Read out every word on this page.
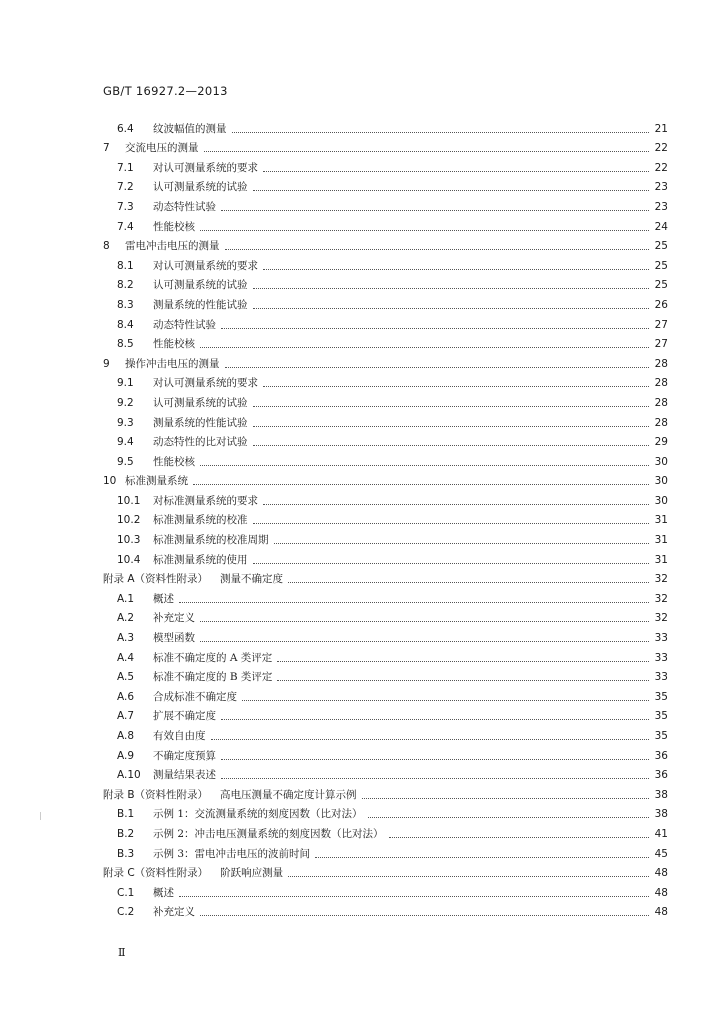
GB/T 16927.2—2013
6.4	纹波幅值的测量	21
7	交流电压的测量	22
7.1	对认可测量系统的要求	22
7.2	认可测量系统的试验	23
7.3	动态特性试验	23
7.4	性能校核	24
8	雷电冲击电压的测量	25
8.1	对认可测量系统的要求	25
8.2	认可测量系统的试验	25
8.3	测量系统的性能试验	26
8.4	动态特性试验	27
8.5	性能校核	27
9	操作冲击电压的测量	28
9.1	对认可测量系统的要求	28
9.2	认可测量系统的试验	28
9.3	测量系统的性能试验	28
9.4	动态特性的比对试验	29
9.5	性能校核	30
10 标准测量系统	30
10.1	对标准测量系统的要求	30
10.2	标准测量系统的校准	31
10.3	标准测量系统的校准周期	31
10.4	标准测量系统的使用	31
附录 A（资料性附录） 测量不确定度	32
A.1	概述	32
A.2	补充定义	32
A.3	模型函数	33
A.4	标准不确定度的 A 类评定	33
A.5	标准不确定度的 B 类评定	33
A.6	合成标准不确定度	35
A.7	扩展不确定度	35
A.8	有效自由度	35
A.9	不确定度预算	36
A.10	测量结果表述	36
附录 B（资料性附录） 高电压测量不确定度计算示例	38
B.1	示例 1：交流测量系统的刻度因数（比对法）	38
B.2	示例 2：冲击电压测量系统的刻度因数（比对法）	41
B.3	示例 3：雷电冲击电压的波前时间	45
附录 C（资料性附录） 阶跃响应测量	48
C.1	概述	48
C.2	补充定义	48
Ⅱ
